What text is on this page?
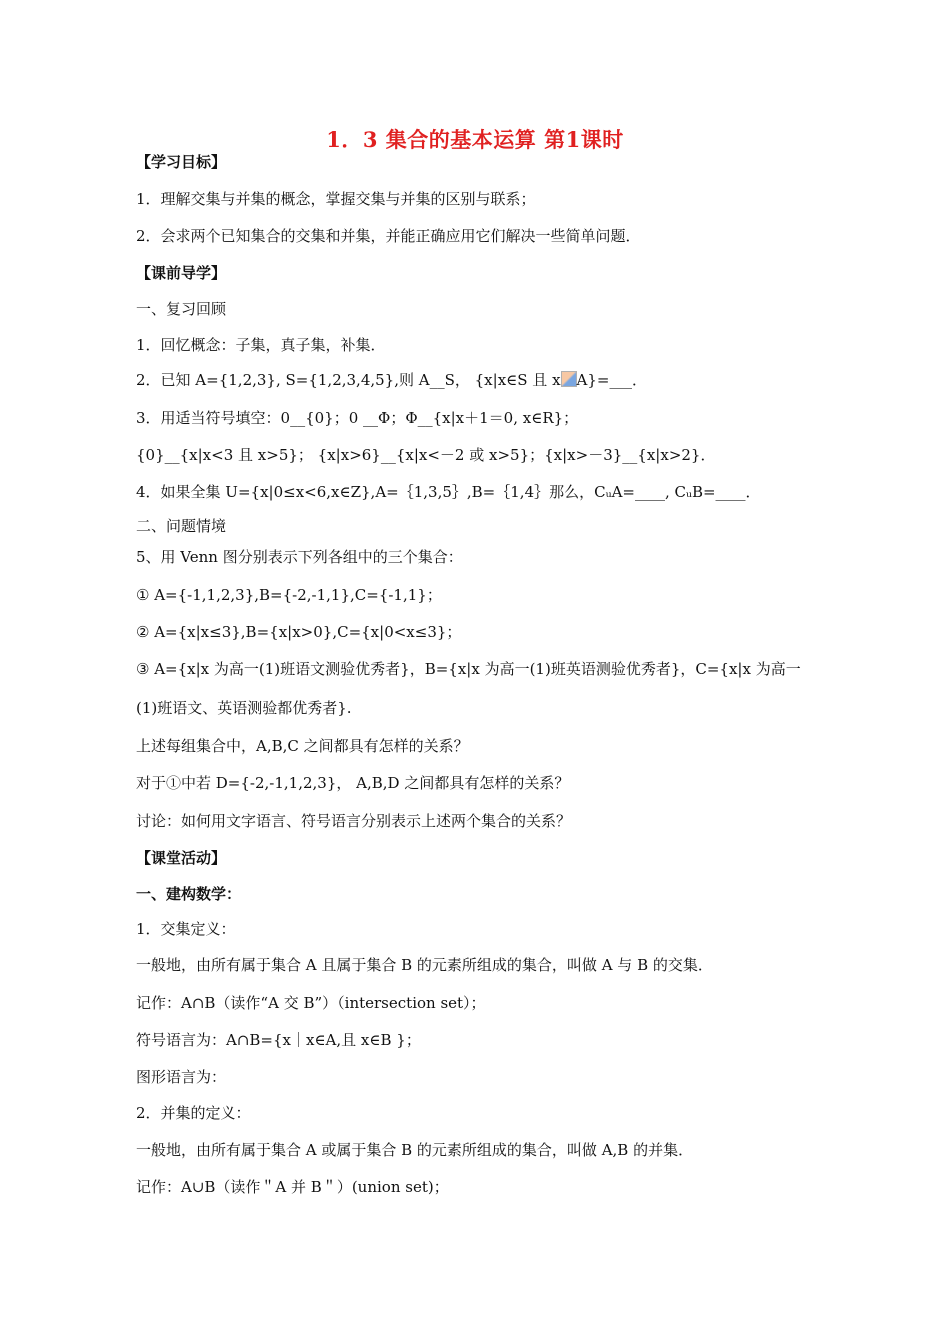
1．3 集合的基本运算 第1课时
【学习目标】
1．理解交集与并集的概念，掌握交集与并集的区别与联系；
2．会求两个已知集合的交集和并集，并能正确应用它们解决一些简单问题．
【课前导学】
一、复习回顾
1．回忆概念：子集，真子集，补集．
2．已知 A={1,2,3}, S={1,2,3,4,5},则 A__S， {x|x∈S 且 x A}=___．
3．用适当符号填空：0__{0}；0 __Φ；Φ__{x|x＋1＝0, x∈R}；
{0}__{x|x<3 且 x>5}； {x|x>6}__{x|x<－2 或 x>5}；{x|x>－3}__{x|x>2}．
4．如果全集 U={x|0≤x<6,x∈Z},A=｛1,3,5｝,B=｛1,4｝那么，CᵤA=____, CᵤB=____．
二、问题情境
5、用 Venn 图分别表示下列各组中的三个集合：
① A={-1,1,2,3},B={-2,-1,1},C={-1,1}；
② A={x|x≤3},B={x|x>0},C={x|0<x≤3}；
③ A={x|x 为高一(1)班语文测验优秀者}，B={x|x 为高一(1)班英语测验优秀者}，C={x|x 为高一
(1)班语文、英语测验都优秀者}.
上述每组集合中，A,B,C 之间都具有怎样的关系？
对于①中若 D={-2,-1,1,2,3}， A,B,D 之间都具有怎样的关系？
讨论：如何用文字语言、符号语言分别表示上述两个集合的关系？
【课堂活动】
一、建构数学：
1．交集定义：
一般地，由所有属于集合 A 且属于集合 B 的元素所组成的集合，叫做 A 与 B 的交集．
记作：A∩B（读作“A 交 B”）（intersection set）；
符号语言为：A∩B={x｜x∈A,且 x∈B }；
图形语言为：
2．并集的定义：
一般地，由所有属于集合 A 或属于集合 B 的元素所组成的集合，叫做 A,B 的并集．
记作：A∪B（读作＂A 并 B＂）(union set)；
